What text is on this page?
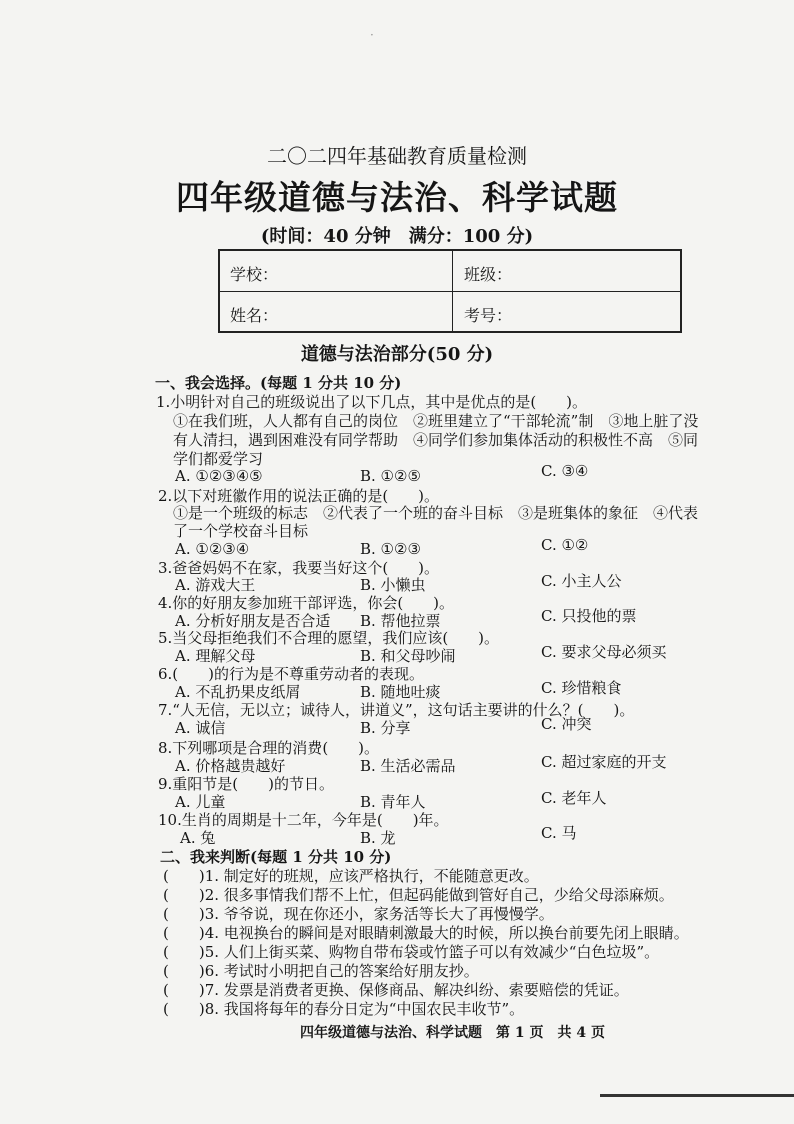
·
二〇二四年基础教育质量检测
四年级道德与法治、科学试题
(时间：40 分钟　满分：100 分)
学校：	班级：
姓名：	考号：
道德与法治部分(50 分)
一、我会选择。(每题 1 分共 10 分)
1.小明针对自己的班级说出了以下几点，其中是优点的是(　　)。
①在我们班，人人都有自己的岗位　②班里建立了“干部轮流”制　③地上脏了没
有人清扫，遇到困难没有同学帮助　④同学们参加集体活动的积极性不高　⑤同
学们都爱学习
A. ①②③④⑤	B. ①②⑤	C. ③④
2.以下对班徽作用的说法正确的是(　　)。
①是一个班级的标志　②代表了一个班的奋斗目标　③是班集体的象征　④代表
了一个学校奋斗目标
A. ①②③④	B. ①②③	C. ①②
3.爸爸妈妈不在家，我要当好这个(　　)。
A. 游戏大王	B. 小懒虫	C. 小主人公
4.你的好朋友参加班干部评选，你会(　　)。
A. 分析好朋友是否合适 B. 帮他拉票	C. 只投他的票
5.当父母拒绝我们不合理的愿望，我们应该(　　)。
A. 理解父母	B. 和父母吵闹	C. 要求父母必须买
6.(　　)的行为是不尊重劳动者的表现。
A. 不乱扔果皮纸屑	B. 随地吐痰	C. 珍惜粮食
7.“人无信，无以立；诚待人，讲道义”，这句话主要讲的什么？(　　)。
A. 诚信	B. 分享	C. 冲突
8.下列哪项是合理的消费(　　)。
A. 价格越贵越好	B. 生活必需品	C. 超过家庭的开支
9.重阳节是(　　)的节日。
A. 儿童	B. 青年人	C. 老年人
10.生肖的周期是十二年，今年是(　　)年。
A. 兔	B. 龙	C. 马
二、我来判断(每题 1 分共 10 分)
(　　)1. 制定好的班规，应该严格执行，不能随意更改。
(　　)2. 很多事情我们帮不上忙，但起码能做到管好自己，少给父母添麻烦。
(　　)3. 爷爷说，现在你还小，家务活等长大了再慢慢学。
(　　)4. 电视换台的瞬间是对眼睛刺激最大的时候，所以换台前要先闭上眼睛。
(　　)5. 人们上街买菜、购物自带布袋或竹篮子可以有效减少“白色垃圾”。
(　　)6. 考试时小明把自己的答案给好朋友抄。
(　　)7. 发票是消费者更换、保修商品、解决纠纷、索要赔偿的凭证。
(　　)8. 我国将每年的春分日定为“中国农民丰收节”。
四年级道德与法治、科学试题　第 1 页　共 4 页
